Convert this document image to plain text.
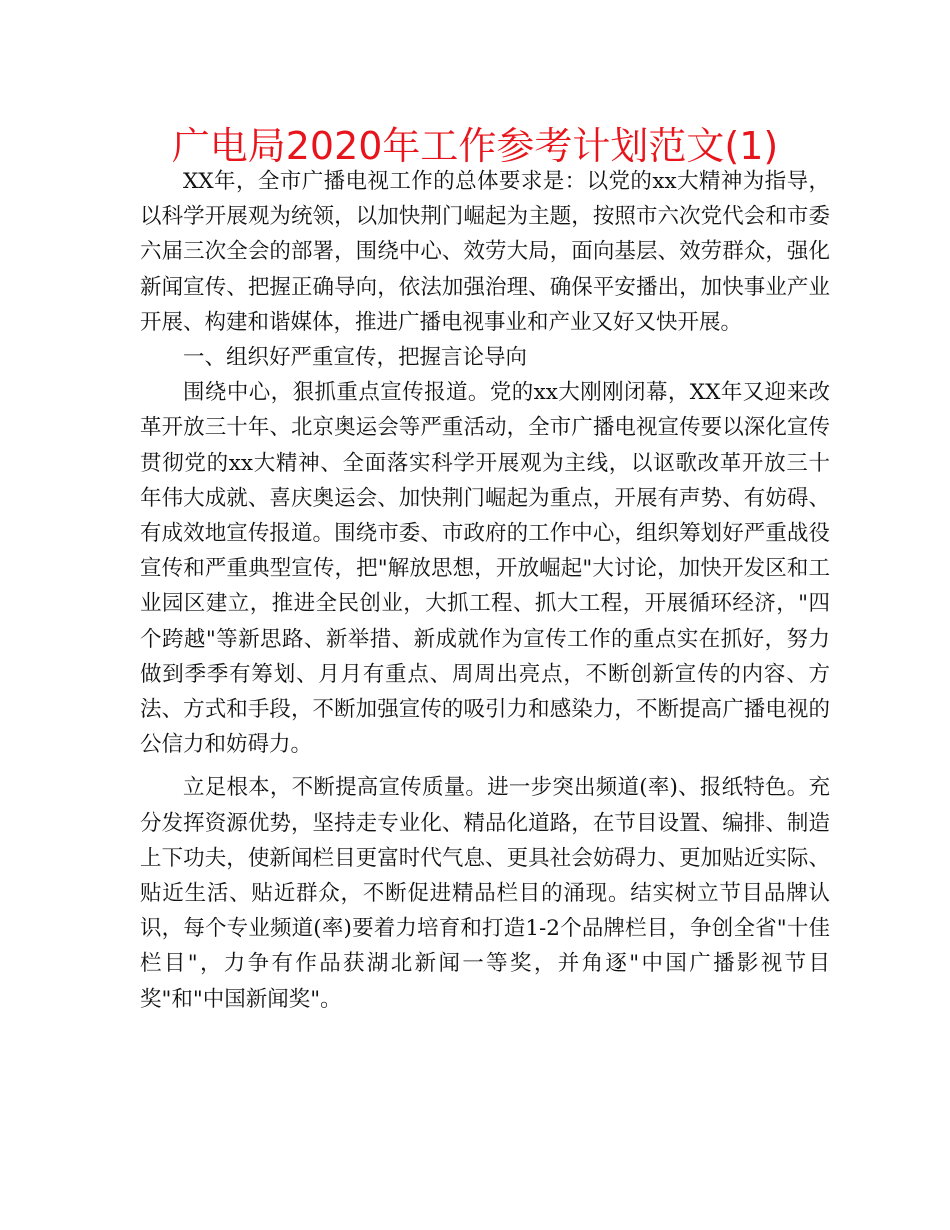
广电局2020年工作参考计划范文(1)

XX年，全市广播电视工作的总体要求是：以党的xx大精神为指导，以科学开展观为统领，以加快荆门崛起为主题，按照市六次党代会和市委六届三次全会的部署，围绕中心、效劳大局，面向基层、效劳群众，强化新闻宣传、把握正确导向，依法加强治理、确保平安播出，加快事业产业开展、构建和谐媒体，推进广播电视事业和产业又好又快开展。

一、组织好严重宣传，把握言论导向

围绕中心，狠抓重点宣传报道。党的xx大刚刚闭幕，XX年又迎来改革开放三十年、北京奥运会等严重活动，全市广播电视宣传要以深化宣传贯彻党的xx大精神、全面落实科学开展观为主线，以讴歌改革开放三十年伟大成就、喜庆奥运会、加快荆门崛起为重点，开展有声势、有妨碍、有成效地宣传报道。围绕市委、市政府的工作中心，组织筹划好严重战役宣传和严重典型宣传，把"解放思想，开放崛起"大讨论，加快开发区和工业园区建立，推进全民创业，大抓工程、抓大工程，开展循环经济，"四个跨越"等新思路、新举措、新成就作为宣传工作的重点实在抓好，努力做到季季有筹划、月月有重点、周周出亮点，不断创新宣传的内容、方法、方式和手段，不断加强宣传的吸引力和感染力，不断提高广播电视的公信力和妨碍力。

立足根本，不断提高宣传质量。进一步突出频道(率)、报纸特色。充分发挥资源优势，坚持走专业化、精品化道路，在节目设置、编排、制造上下功夫，使新闻栏目更富时代气息、更具社会妨碍力、更加贴近实际、贴近生活、贴近群众，不断促进精品栏目的涌现。结实树立节目品牌认识，每个专业频道(率)要着力培育和打造1-2个品牌栏目，争创全省"十佳栏目"，力争有作品获湖北新闻一等奖，并角逐"中国广播影视节目奖"和"中国新闻奖"。
